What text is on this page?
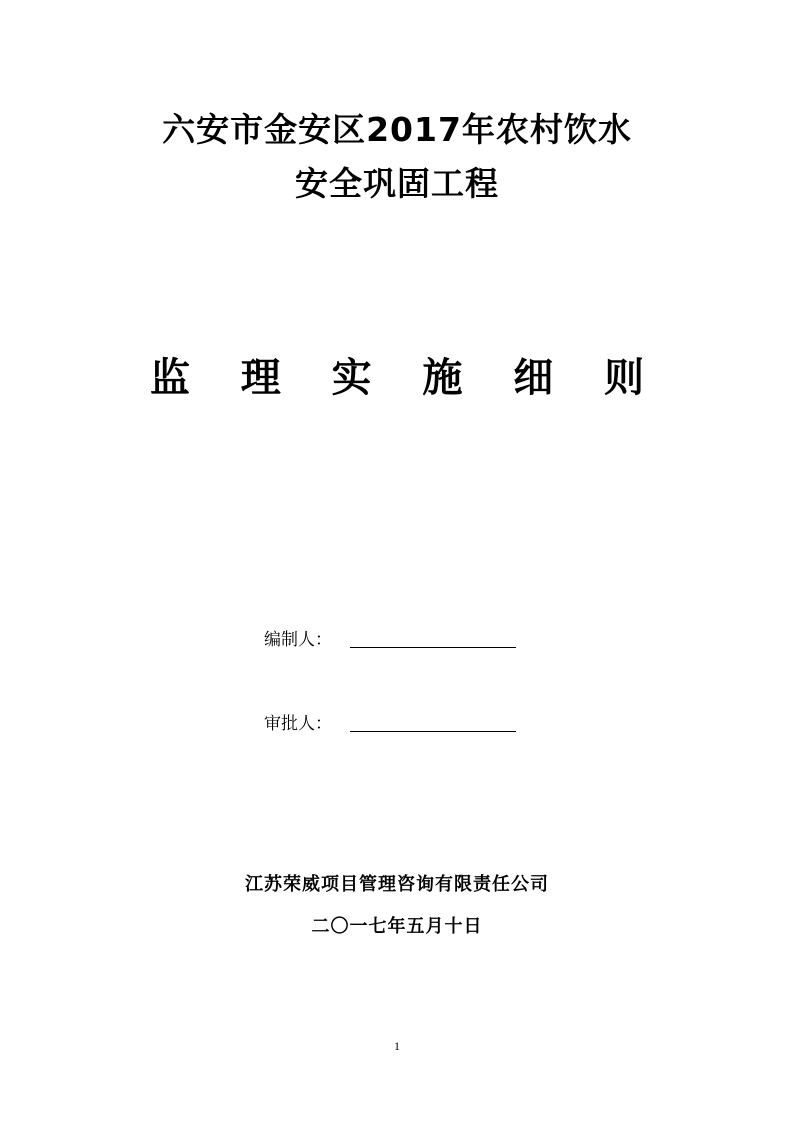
六安市金安区2017年农村饮水
安全巩固工程
监 理 实 施 细 则
编制人：
审批人：
江苏荣威项目管理咨询有限责任公司
二〇一七年五月十日
1
